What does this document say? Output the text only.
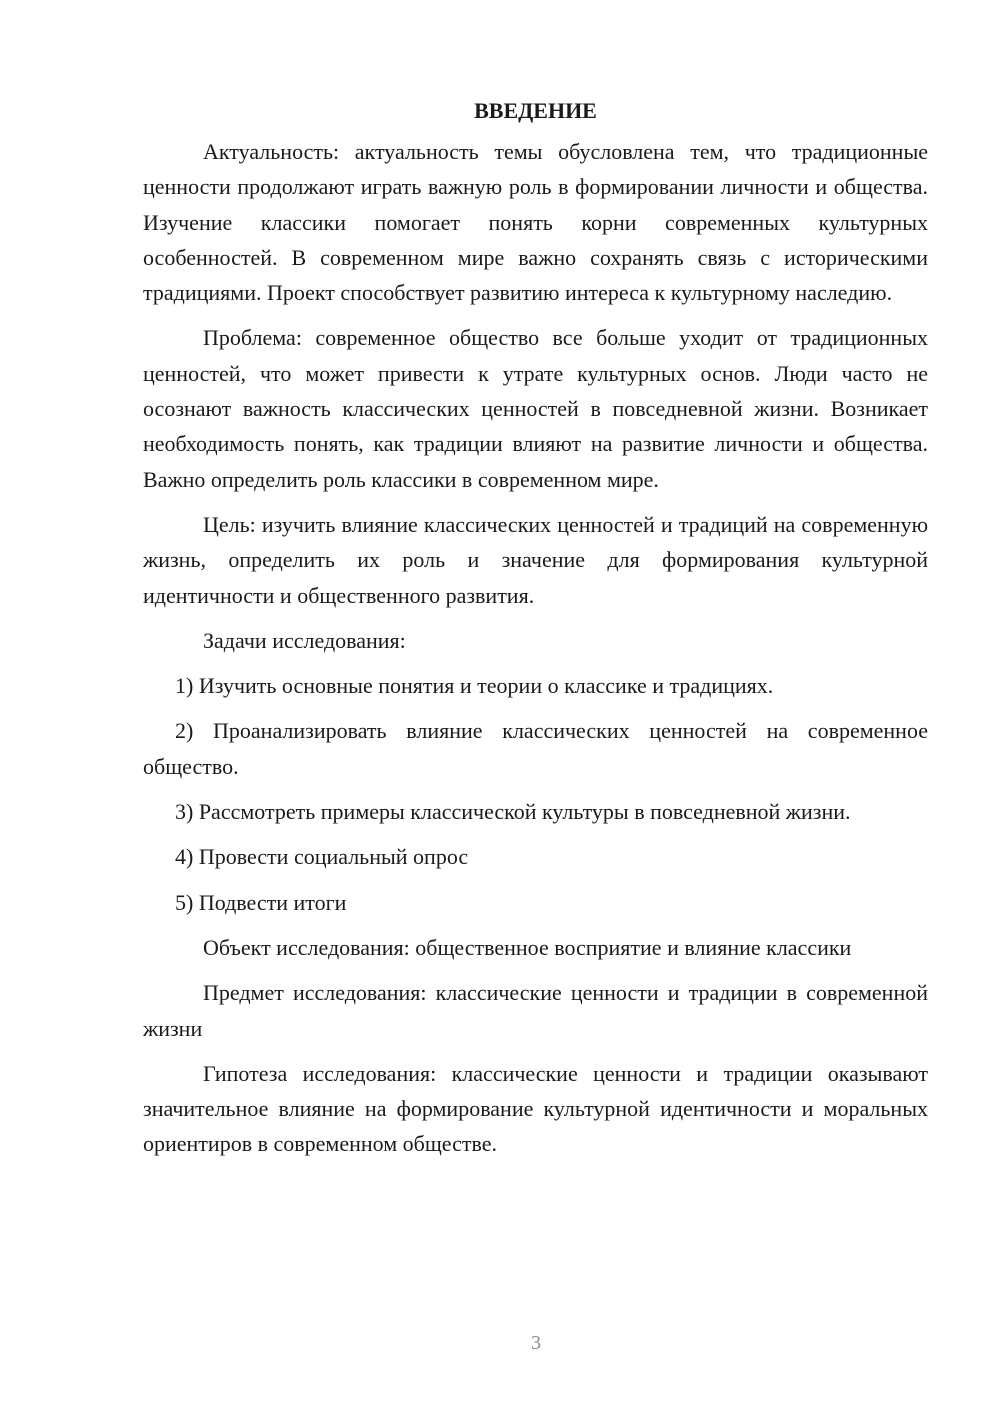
ВВЕДЕНИЕ

Актуальность: актуальность темы обусловлена тем, что традиционные ценности продолжают играть важную роль в формировании личности и общества. Изучение классики помогает понять корни современных культурных особенностей. В современном мире важно сохранять связь с историческими традициями. Проект способствует развитию интереса к культурному наследию.

Проблема: современное общество все больше уходит от традиционных ценностей, что может привести к утрате культурных основ. Люди часто не осознают важность классических ценностей в повседневной жизни. Возникает необходимость понять, как традиции влияют на развитие личности и общества. Важно определить роль классики в современном мире.

Цель: изучить влияние классических ценностей и традиций на современную жизнь, определить их роль и значение для формирования культурной идентичности и общественного развития.

Задачи исследования:

1) Изучить основные понятия и теории о классике и традициях.

2) Проанализировать влияние классических ценностей на современное общество.

3) Рассмотреть примеры классической культуры в повседневной жизни.

4) Провести социальный опрос

5) Подвести итоги

Объект исследования: общественное восприятие и влияние классики

Предмет исследования: классические ценности и традиции в современной жизни

Гипотеза исследования: классические ценности и традиции оказывают значительное влияние на формирование культурной идентичности и моральных ориентиров в современном обществе.

3
